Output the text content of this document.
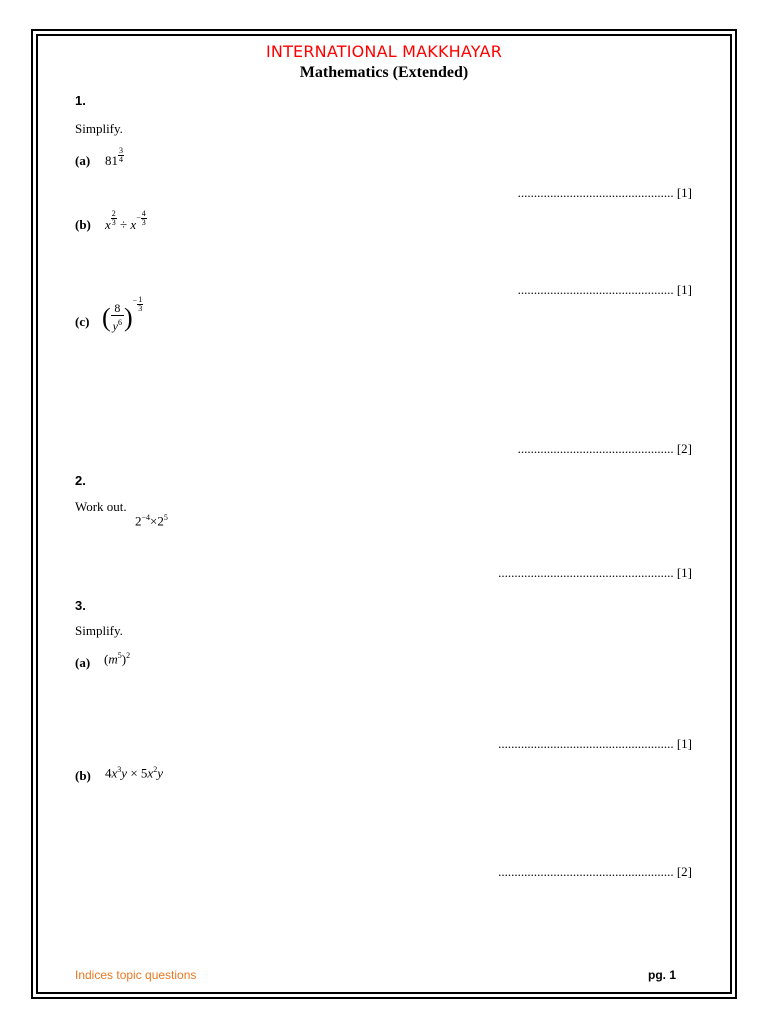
INTERNATIONAL MAKKHAYAR
Mathematics (Extended)
1.
Simplify.
(a) $81 \frac{3}{4}$
................................................ [1]
(b) x $\frac{2}{3} \div x- \frac{4}{3}$
................................................ [1]
(c) ( $\frac{8}{y^6} )^- \frac{1}{3}$
................................................ [2]
2.
Work out.
$2^{-4}\times 2^5$
...................................................... [1]
3.
Simplify.
(a) $(m^5)^2$
...................................................... [1]
(b) $4x^3y \times 5x^2y$
...................................................... [2]
Indices topic questions	pg. 1
